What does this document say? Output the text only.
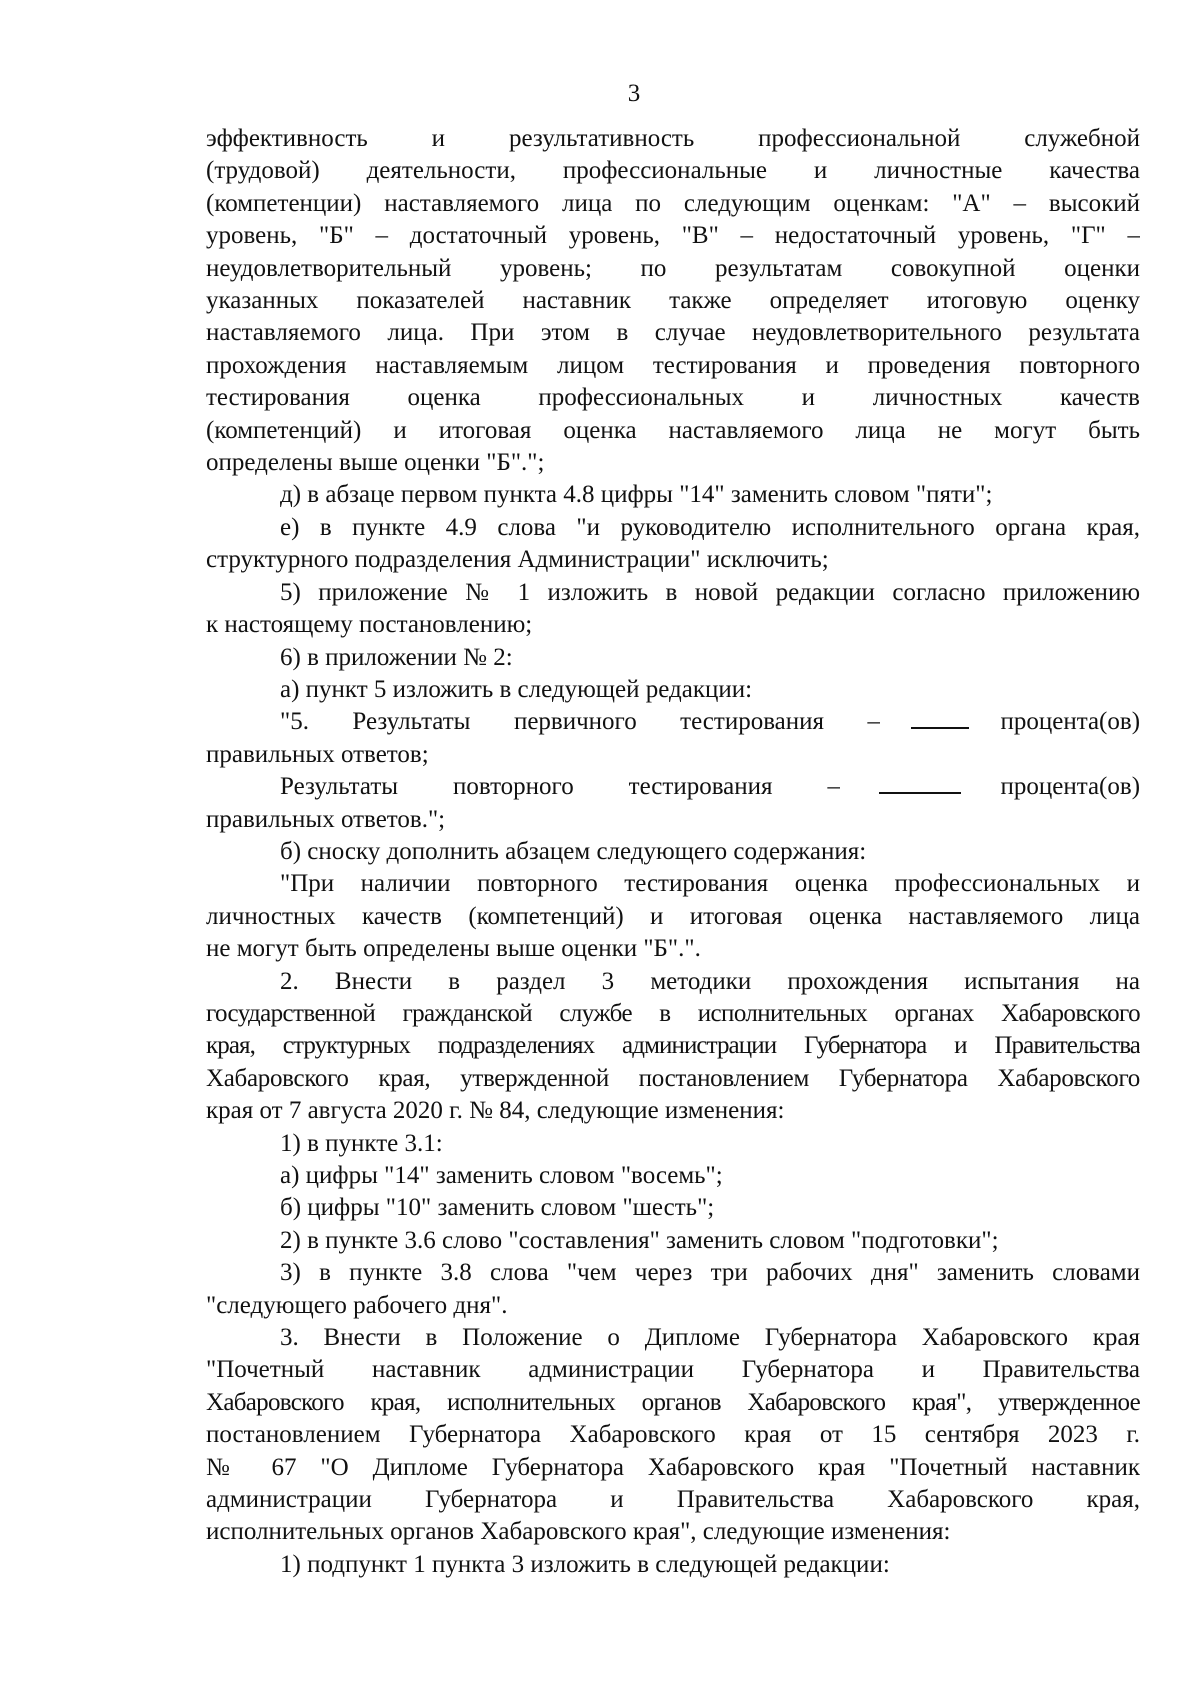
3
эффективность и результативность профессиональной служебной
(трудовой) деятельности, профессиональные и личностные качества
(компетенции) наставляемого лица по следующим оценкам: "А" – высокий
уровень, "Б" – достаточный уровень, "В" – недостаточный уровень, "Г" –
неудовлетворительный уровень; по результатам совокупной оценки
указанных показателей наставник также определяет итоговую оценку
наставляемого лица. При этом в случае неудовлетворительного результата
прохождения наставляемым лицом тестирования и проведения повторного
тестирования оценка профессиональных и личностных качеств
(компетенций) и итоговая оценка наставляемого лица не могут быть
определены выше оценки "Б".";
д) в абзаце первом пункта 4.8 цифры "14" заменить словом "пяти";
е) в пункте 4.9 слова "и руководителю исполнительного органа края,
структурного подразделения Администрации" исключить;
5) приложение № 1 изложить в новой редакции согласно приложению
к настоящему постановлению;
6) в приложении № 2:
а) пункт 5 изложить в следующей редакции:
"5. Результаты первичного тестирования –	процента(ов)
правильных ответов;
Результаты повторного тестирования –	процента(ов)
правильных ответов.";
б) сноску дополнить абзацем следующего содержания:
"При наличии повторного тестирования оценка профессиональных и
личностных качеств (компетенций) и итоговая оценка наставляемого лица
не могут быть определены выше оценки "Б".".
2. Внести в раздел 3 методики прохождения испытания на
государственной гражданской службе в исполнительных органах Хабаровского
края, структурных подразделениях администрации Губернатора и Правительства
Хабаровского края, утвержденной постановлением Губернатора Хабаровского
края от 7 августа 2020 г. № 84, следующие изменения:
1) в пункте 3.1:
а) цифры "14" заменить словом "восемь";
б) цифры "10" заменить словом "шесть";
2) в пункте 3.6 слово "составления" заменить словом "подготовки";
3) в пункте 3.8 слова "чем через три рабочих дня" заменить словами
"следующего рабочего дня".
3. Внести в Положение о Дипломе Губернатора Хабаровского края
"Почетный наставник администрации Губернатора и Правительства
Хабаровского края, исполнительных органов Хабаровского края", утвержденное
постановлением Губернатора Хабаровского края от 15 сентября 2023 г.
№ 67 "О Дипломе Губернатора Хабаровского края "Почетный наставник
администрации Губернатора и Правительства Хабаровского края,
исполнительных органов Хабаровского края", следующие изменения:
1) подпункт 1 пункта 3 изложить в следующей редакции:
